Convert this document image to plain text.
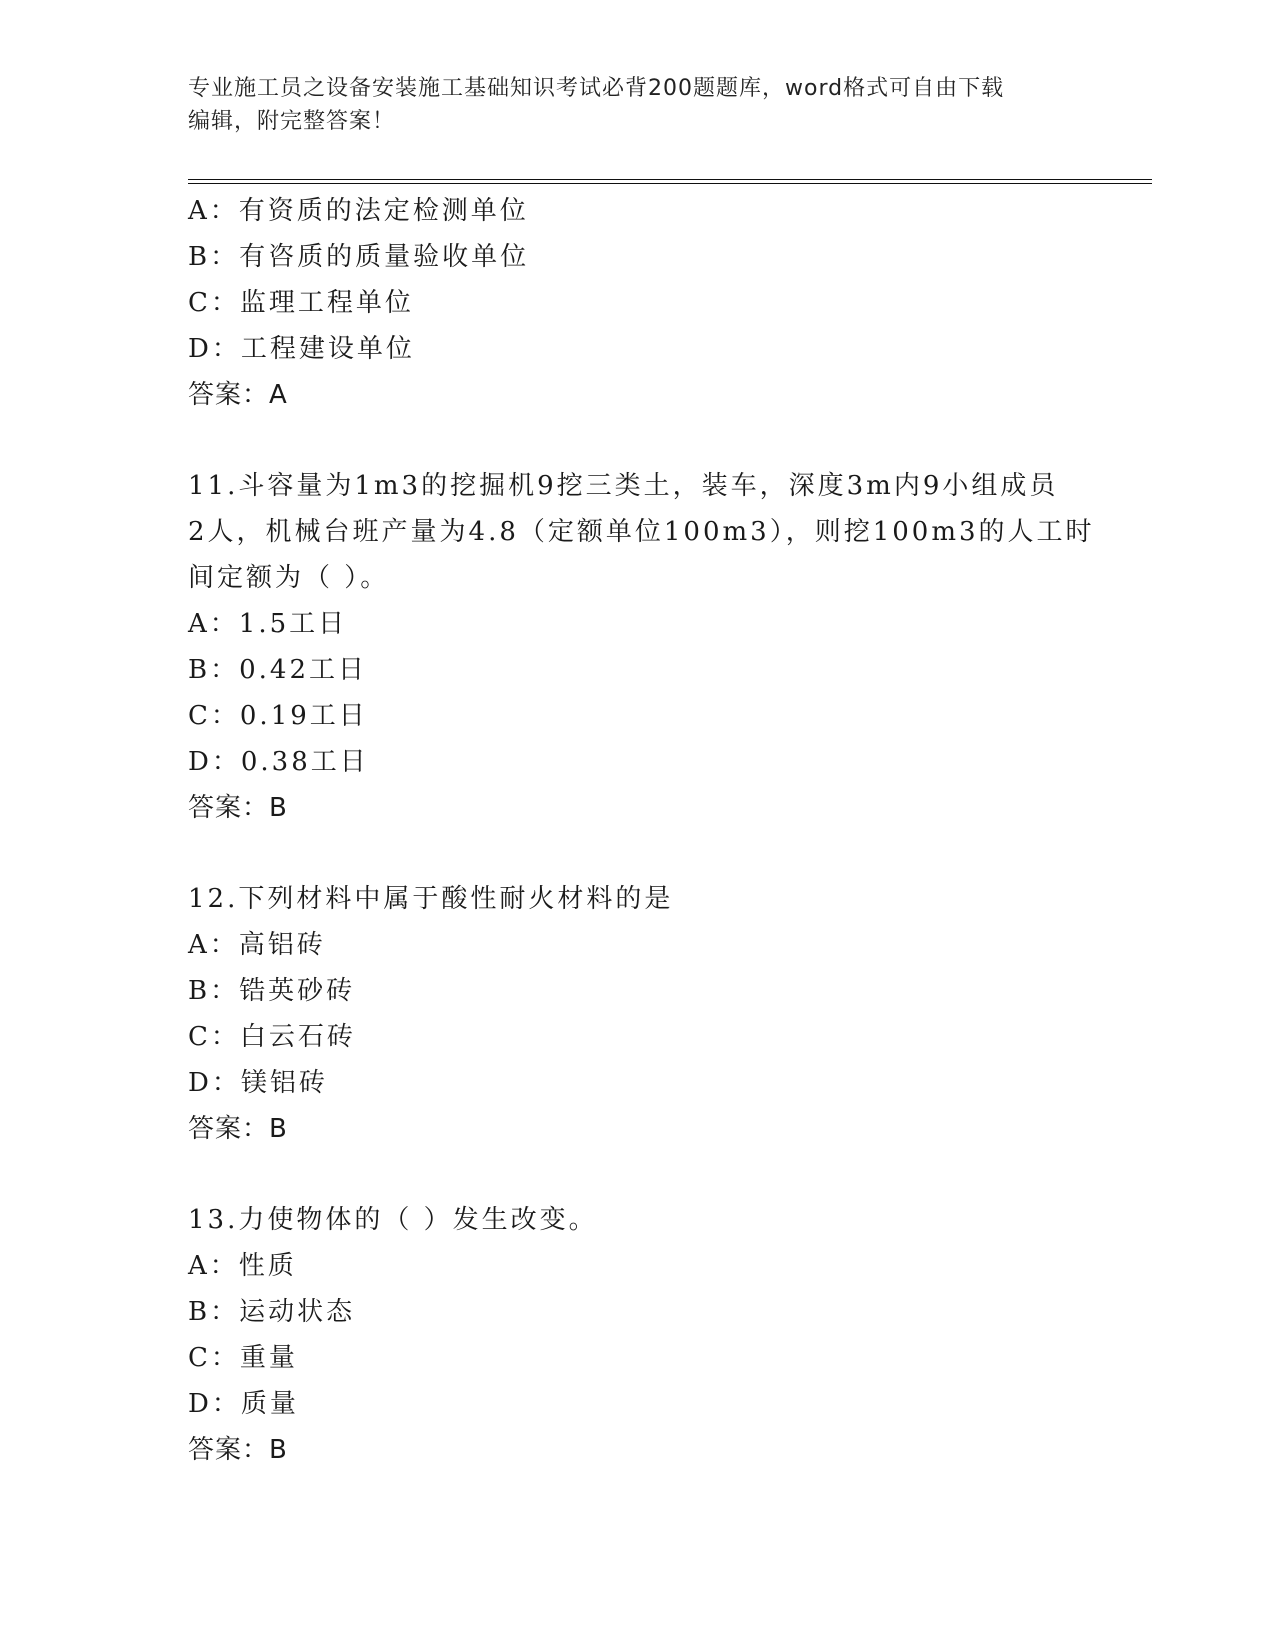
专业施工员之设备安装施工基础知识考试必背200题题库，word格式可自由下载
编辑，附完整答案！
A：有资质的法定检测单位
B：有咨质的质量验收单位
C：监理工程单位
D：工程建设单位
答案：A
11.斗容量为1m3的挖掘机9挖三类土，装车，深度3m内9小组成员
2人，机械台班产量为4.8（定额单位100m3），则挖100m3的人工时
间定额为（ ）。
A：1.5工日
B：0.42工日
C：0.19工日
D：0.38工日
答案：B
12.下列材料中属于酸性耐火材料的是
A：高铝砖
B：锆英砂砖
C：白云石砖
D：镁铝砖
答案：B
13.力使物体的（ ）发生改变。
A：性质
B：运动状态
C：重量
D：质量
答案：B
